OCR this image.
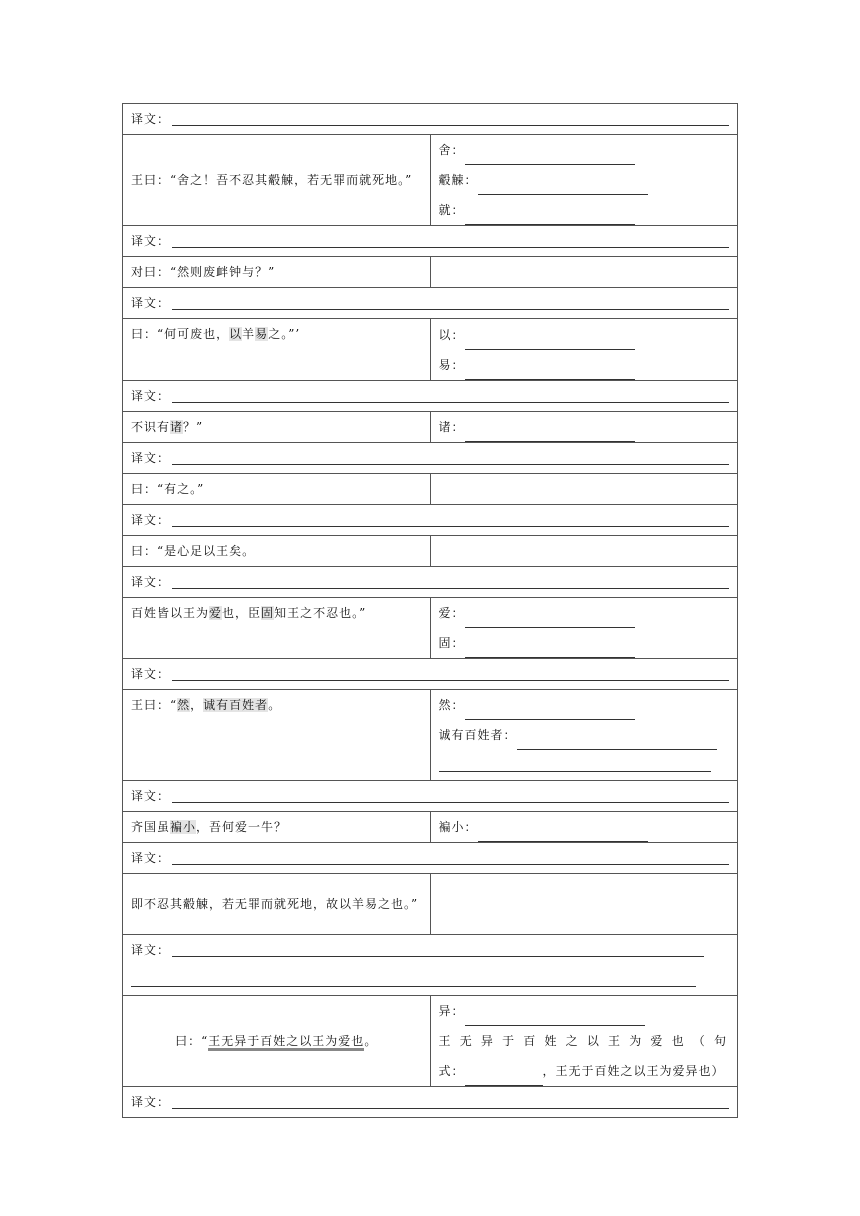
译文：	

王曰：“舍之！吾不忍其觳觫，若无罪而就死地。”	舍：
觳觫：
就：

译文：	

对曰：“然则废衅钟与？”	

译文：	

曰：“何可废也，以羊易之。”’	以：
易：

译文：	

不识有诸？”	诸：

译文：	

曰：“有之。”	

译文：	

曰：“是心足以王矣。	

译文：	

百姓皆以王为爱也，臣固知王之不忍也。”	爱：
固：

译文：	

王曰：“然，诚有百姓者。	然：
诚有百姓者：

译文：	

齐国虽褊小，吾何爱一牛？	褊小：

译文：	

即不忍其觳觫，若无罪而就死地，故以羊易之也。”	

译文：	

曰：“王无异于百姓之以王为爱也。	异：
王无异于百姓之以王为爱也（句
式： ，王无于百姓之以王为爱异也）

译文：	
